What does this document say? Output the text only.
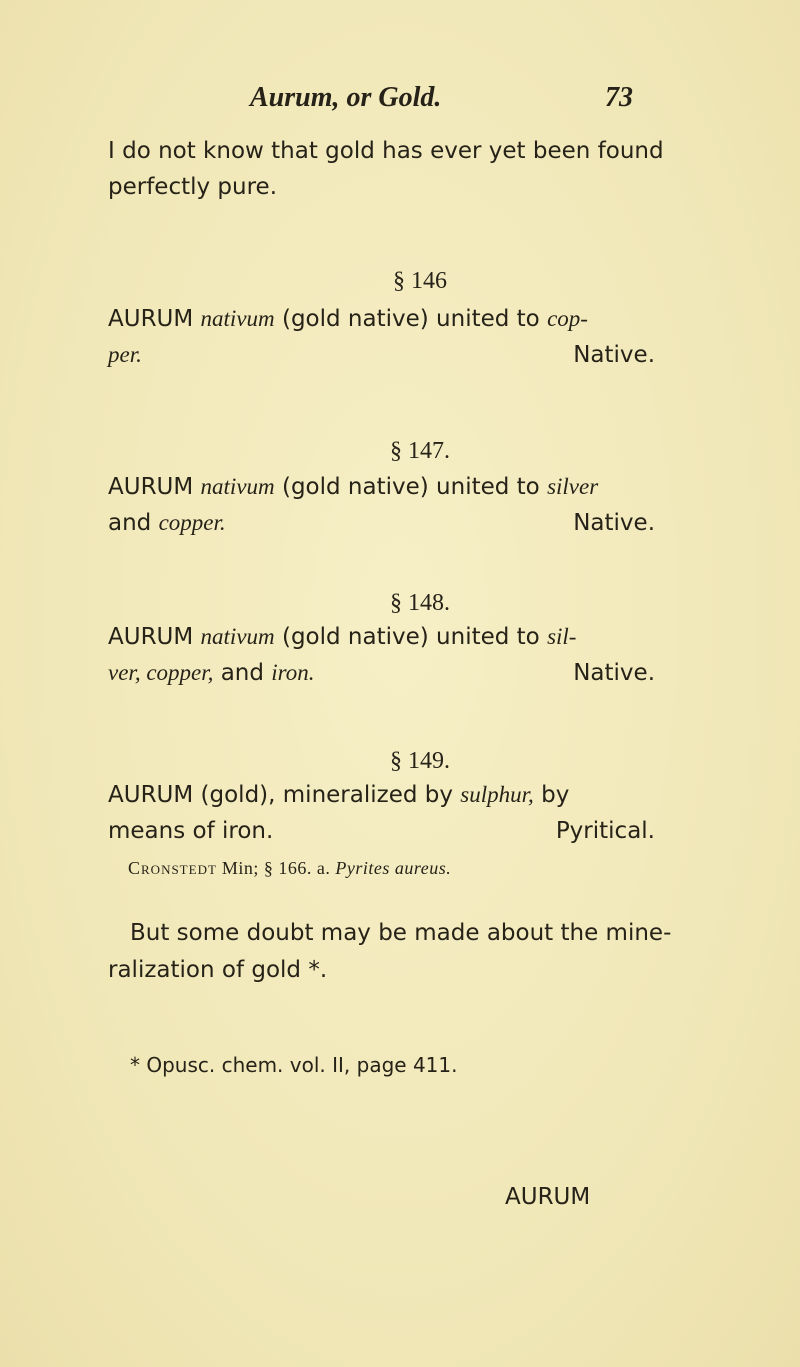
Aurum, or Gold.	73
I do not know that gold has ever yet been found
perfectly pure.
§ 146
AURUM nativum (gold native) united to cop-
per.	Native.
§ 147.
AURUM nativum (gold native) united to silver
and copper.	Native.
§ 148.
AURUM nativum (gold native) united to sil-
ver, copper, and iron.	Native.
§ 149.
AURUM (gold), mineralized by sulphur, by
means of iron.	Pyritical.
Cronstedt Min; § 166. a. Pyrites aureus.
But some doubt may be made about the mine-
ralization of gold *.
* Opusc. chem. vol. II, page 411.
AURUM
